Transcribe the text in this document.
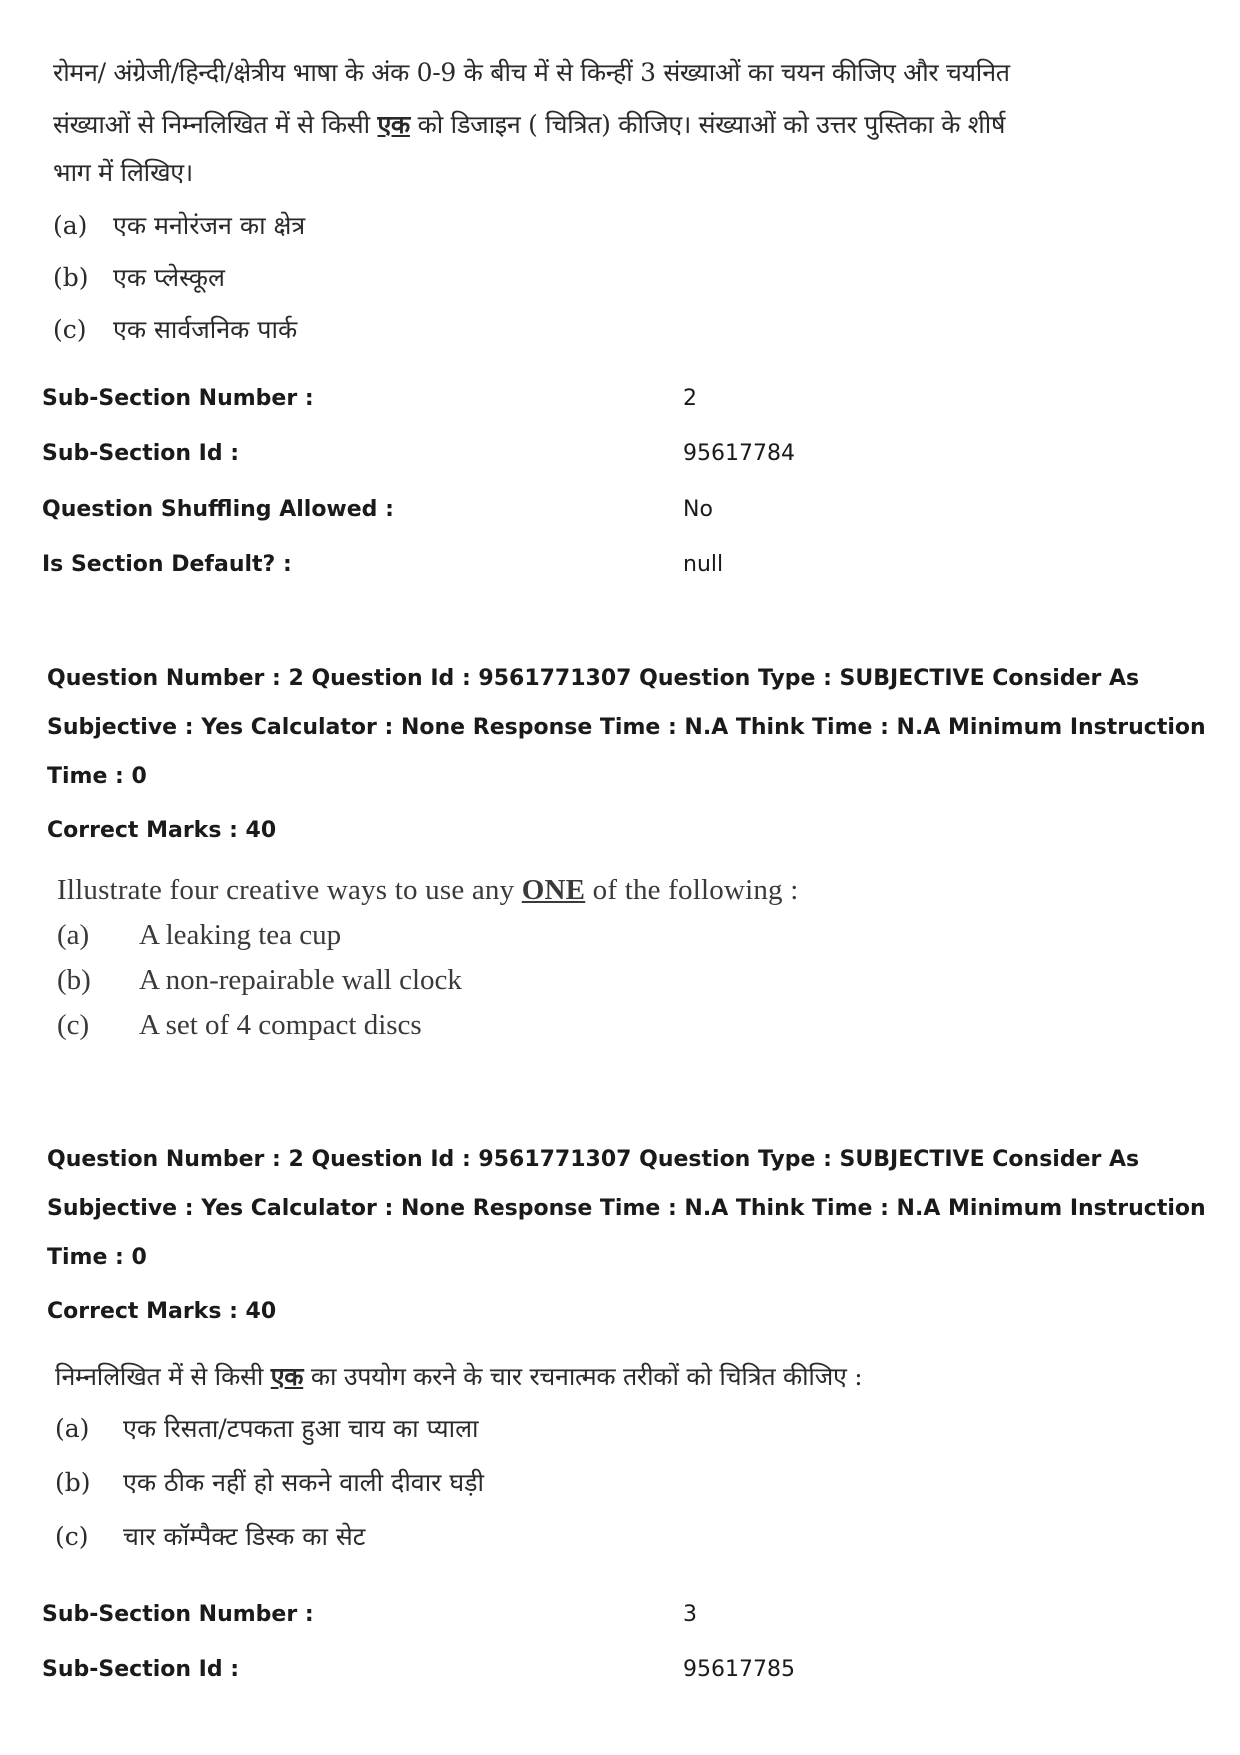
रोमन/ अंग्रेजी/हिन्दी/क्षेत्रीय भाषा के अंक 0-9 के बीच में से किन्हीं 3 संख्याओं का चयन कीजिए और चयनित
संख्याओं से निम्नलिखित में से किसी एक को डिजाइन ( चित्रित) कीजिए। संख्याओं को उत्तर पुस्तिका के शीर्ष
भाग में लिखिए।
(a) एक मनोरंजन का क्षेत्र
(b) एक प्लेस्कूल
(c) एक सार्वजनिक पार्क
Sub-Section Number :	2
Sub-Section Id :	95617784
Question Shuffling Allowed :	No
Is Section Default? :	null
Question Number : 2 Question Id : 9561771307 Question Type : SUBJECTIVE Consider As
Subjective : Yes Calculator : None Response Time : N.A Think Time : N.A Minimum Instruction
Time : 0
Correct Marks : 40
Illustrate four creative ways to use any ONE of the following :
(a) A leaking tea cup
(b) A non-repairable wall clock
(c) A set of 4 compact discs
Question Number : 2 Question Id : 9561771307 Question Type : SUBJECTIVE Consider As
Subjective : Yes Calculator : None Response Time : N.A Think Time : N.A Minimum Instruction
Time : 0
Correct Marks : 40
निम्नलिखित में से किसी एक का उपयोग करने के चार रचनात्मक तरीकों को चित्रित कीजिए :
(a) एक रिसता/टपकता हुआ चाय का प्याला
(b) एक ठीक नहीं हो सकने वाली दीवार घड़ी
(c) चार कॉम्पैक्ट डिस्क का सेट
Sub-Section Number :	3
Sub-Section Id :	95617785
